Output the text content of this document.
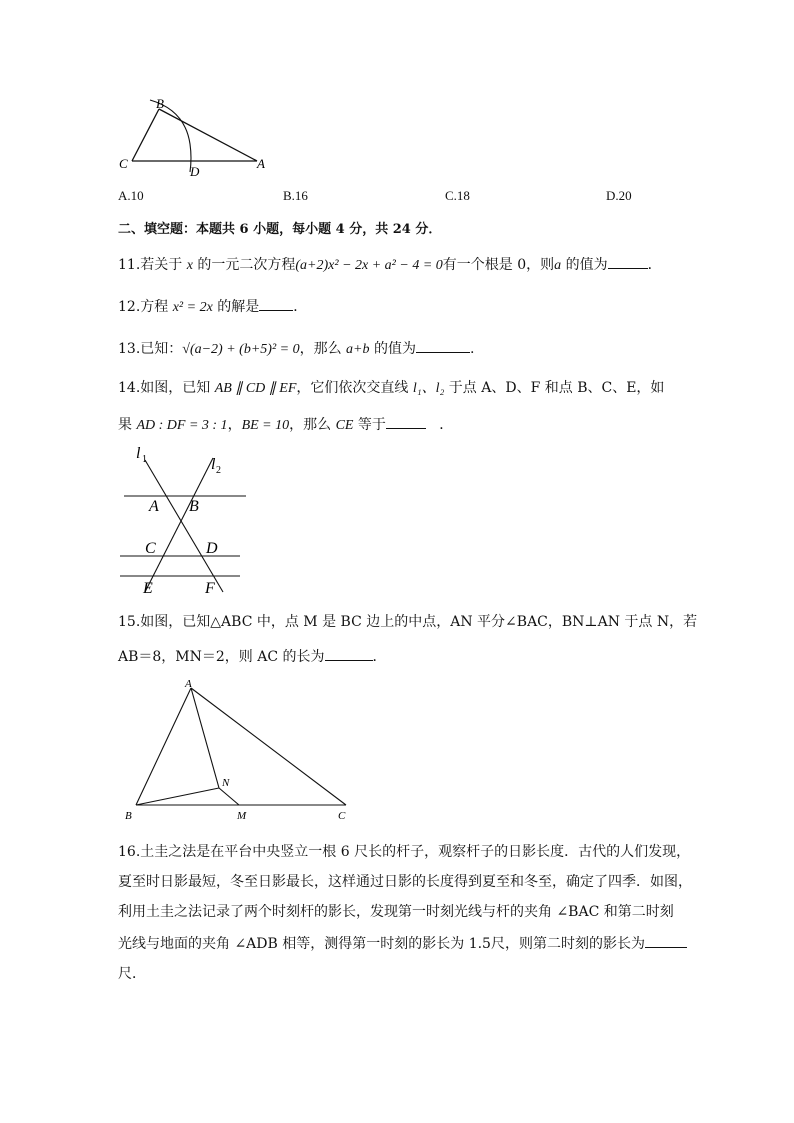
B
C
D
A
A.10	B.16	C.18	D.20
二、填空题：本题共 6 小题，每小题 4 分，共 24 分．
11.若关于 x 的一元二次方程(a+2)x² − 2x + a² − 4 = 0有一个根是 0，则a 的值为	．
12.方程 x² = 2x 的解是 ．
13.已知：√(a−2) + (b+5)² = 0，那么 a+b 的值为	.
14.如图，已知 AB ∥ CD ∥ EF，它们依次交直线 l₁、l₂ 于点 A、D、F 和点 B、C、E，如
果 AD : DF = 3 : 1，BE = 10，那么 CE 等于	．
l 1	l 2
A B
C	D
E	F
15.如图，已知△ABC 中，点 M 是 BC 边上的中点，AN 平分∠BAC，BN⊥AN 于点 N，若
AB＝8，MN＝2，则 AC 的长为	．
A
N
B	M	C
16.土圭之法是在平台中央竖立一根 6 尺长的杆子，观察杆子的日影长度．古代的人们发现，
夏至时日影最短，冬至日影最长，这样通过日影的长度得到夏至和冬至，确定了四季．如图，
利用土圭之法记录了两个时刻杆的影长，发现第一时刻光线与杆的夹角 ∠BAC 和第二时刻
光线与地面的夹角 ∠ADB 相等，测得第一时刻的影长为 1.5尺，则第二时刻的影长为
尺．
